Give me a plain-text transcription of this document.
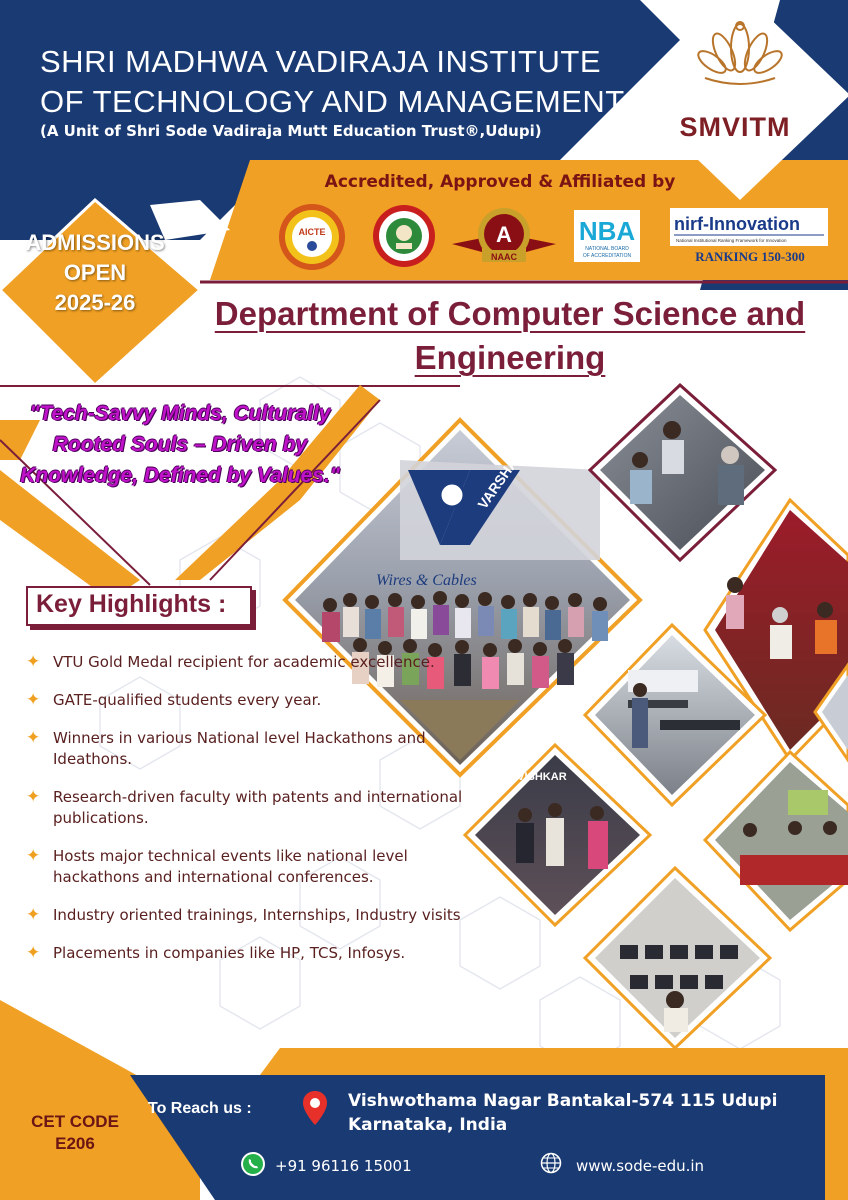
VARSHA
Wires & Cables
AVISHKAR
SHRI MADHWA VADIRAJA INSTITUTE OF TECHNOLOGY AND MANAGEMENT
(A Unit of Shri Sode Vadiraja Mutt Education Trust®,Udupi)	SMVITM
Accredited, Approved & Affiliated by
AICTE	A
NAAC
NBA
NATIONAL BOARD
OF ACCREDITATION
nirf-Innovation
National Institutional Ranking Framework for Innovation
RANKING 150-300
ADMISSIONS
OPEN
2025-26	Department of Computer Science and
Engineering
"Tech-Savvy Minds, Culturally Rooted Souls – Driven by Knowledge, Defined by Values."
Key Highlights :
✦ VTU Gold Medal recipient for academic excellence.
✦ GATE-qualified students every year.
✦ Winners in various National level Hackathons and Ideathons.
✦ Research-driven faculty with patents and international publications.
✦ Hosts major technical events like national level hackathons and international conferences.
✦ Industry oriented trainings, Internships, Industry visits
✦ Placements in companies like HP, TCS, Infosys.
CET CODE
E206
To Reach us :	Vishwothama Nagar Bantakal-574 115 Udupi
Karnataka, India
+91 96116 15001	www.sode-edu.in
